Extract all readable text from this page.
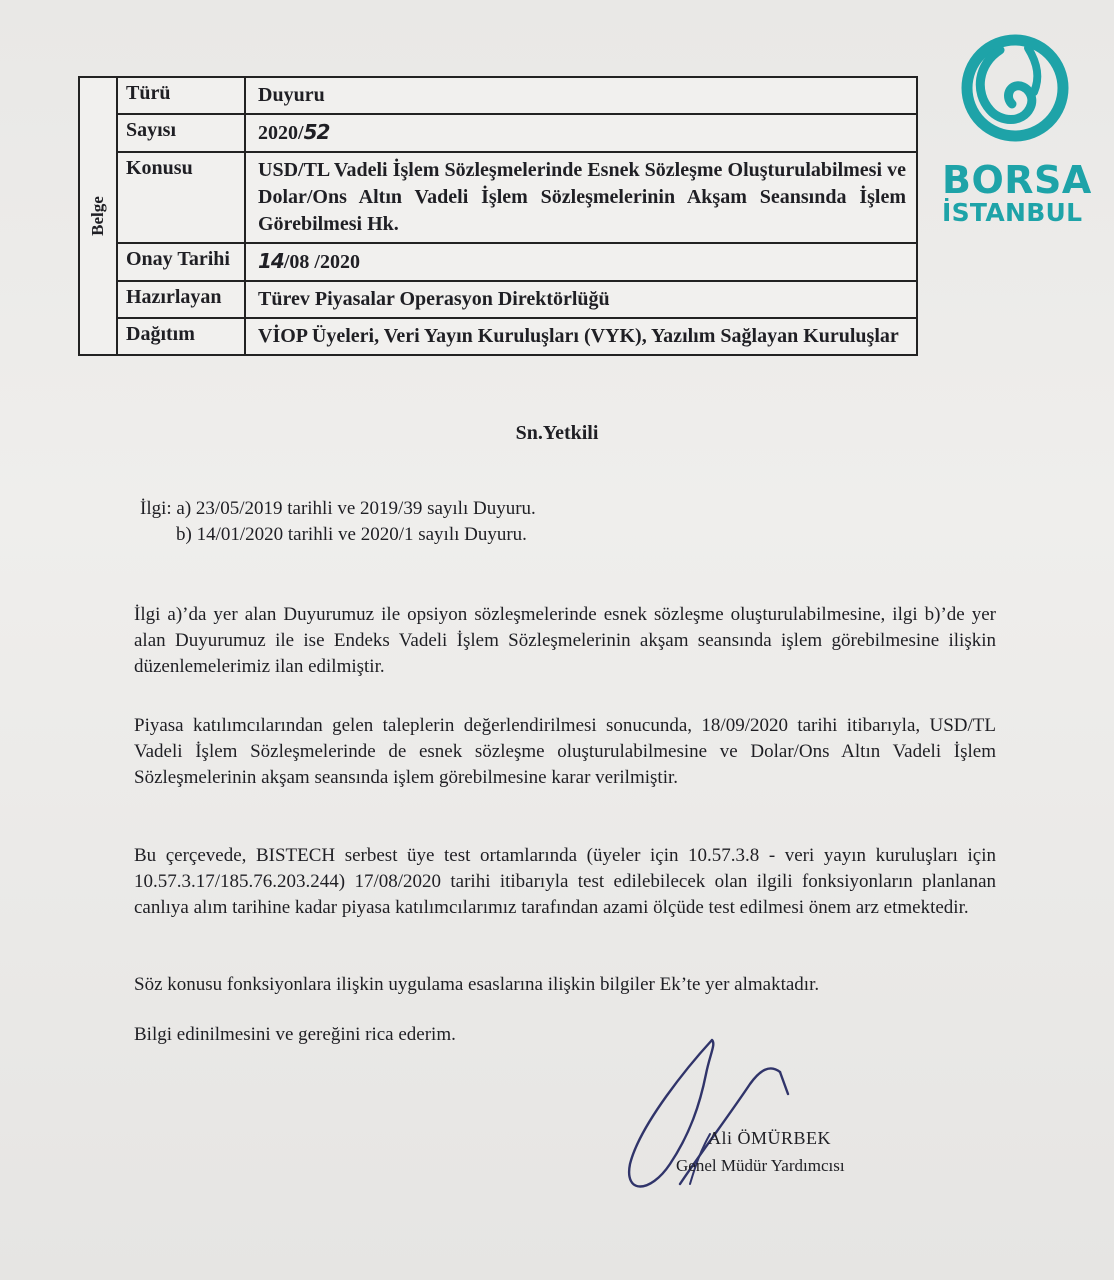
Belge
Türü	Duyuru
Sayısı	2020/52
Konusu	USD/TL Vadeli İşlem Sözleşmelerinde Esnek Sözleşme Oluşturulabilmesi ve Dolar/Ons Altın Vadeli İşlem Sözleşmelerinin Akşam Seansında İşlem Görebilmesi Hk.
Onay Tarihi	14/08 /2020
Hazırlayan	Türev Piyasalar Operasyon Direktörlüğü
Dağıtım	VİOP Üyeleri, Veri Yayın Kuruluşları (VYK), Yazılım Sağlayan Kuruluşlar
BORSA
İSTANBUL
Sn.Yetkili
İlgi: a) 23/05/2019 tarihli ve 2019/39 sayılı Duyuru.
b) 14/01/2020 tarihli ve 2020/1 sayılı Duyuru.
İlgi a)’da yer alan Duyurumuz ile opsiyon sözleşmelerinde esnek sözleşme oluşturulabilmesine, ilgi b)’de yer alan Duyurumuz ile ise Endeks Vadeli İşlem Sözleşmelerinin akşam seansında işlem görebilmesine ilişkin düzenlemelerimiz ilan edilmiştir.
Piyasa katılımcılarından gelen taleplerin değerlendirilmesi sonucunda, 18/09/2020 tarihi itibarıyla, USD/TL Vadeli İşlem Sözleşmelerinde de esnek sözleşme oluşturulabilmesine ve Dolar/Ons Altın Vadeli İşlem Sözleşmelerinin akşam seansında işlem görebilmesine karar verilmiştir.
Bu çerçevede, BISTECH serbest üye test ortamlarında (üyeler için 10.57.3.8 - veri yayın kuruluşları için 10.57.3.17/185.76.203.244) 17/08/2020 tarihi itibarıyla test edilebilecek olan ilgili fonksiyonların planlanan canlıya alım tarihine kadar piyasa katılımcılarımız tarafından azami ölçüde test edilmesi önem arz etmektedir.
Söz konusu fonksiyonlara ilişkin uygulama esaslarına ilişkin bilgiler Ek’te yer almaktadır.
Bilgi edinilmesini ve gereğini rica ederim.
Ali ÖMÜRBEK
Genel Müdür Yardımcısı
